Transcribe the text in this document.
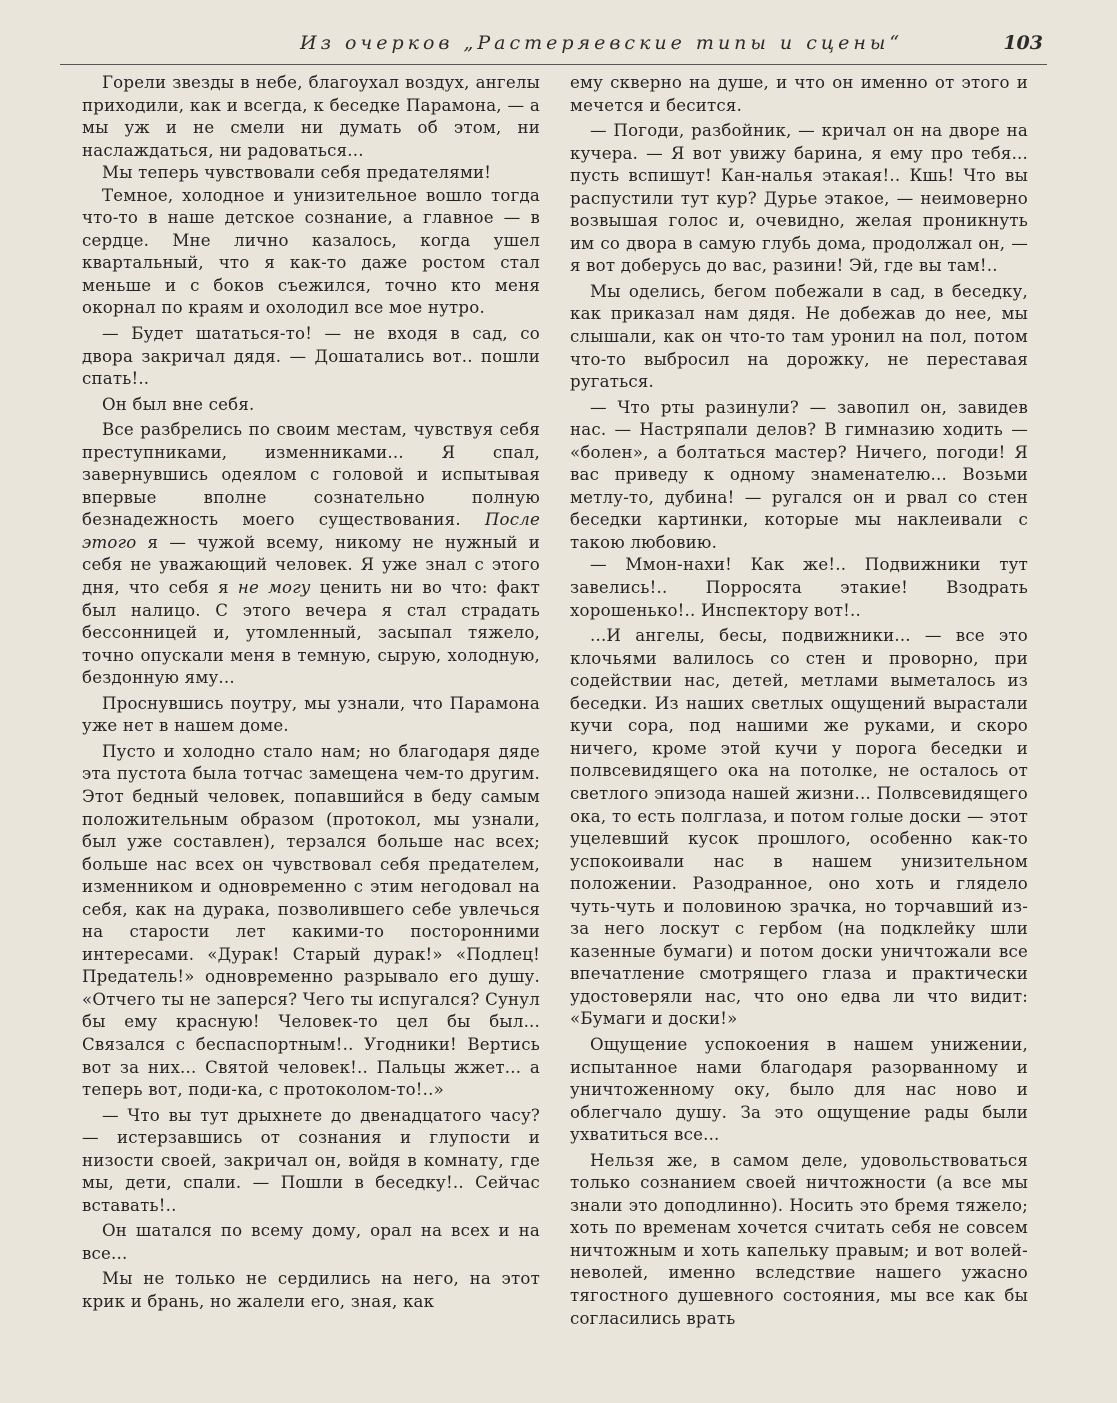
Из очерков „Растеряевские типы и сцены“	103

Горели звезды в небе, благоухал воздух, ангелы приходили, как и всегда, к беседке Парамона, — а мы уж и не смели ни думать об этом, ни наслаждаться, ни радоваться...

Мы теперь чувствовали себя предателями!

Темное, холодное и унизительное вошло тогда что-то в наше детское сознание, а главное — в сердце. Мне лично казалось, когда ушел квартальный, что я как-то даже ростом стал меньше и с боков съежился, точно кто меня окорнал по краям и охолодил все мое нутро.

— Будет шататься-то! — не входя в сад, со двора закричал дядя. — Дошатались вот.. пошли спать!..

Он был вне себя.

Все разбрелись по своим местам, чувствуя себя преступниками, изменниками... Я спал, завернувшись одеялом с головой и испытывая впервые вполне сознательно полную безнадежность моего существования. После этого я — чужой всему, никому не нужный и себя не уважающий человек. Я уже знал с этого дня, что себя я не могу ценить ни во что: факт был налицо. С этого вечера я стал страдать бессонницей и, утомленный, засыпал тяжело, точно опускали меня в темную, сырую, холодную, бездонную яму...

Проснувшись поутру, мы узнали, что Парамона уже нет в нашем доме.

Пусто и холодно стало нам; но благодаря дяде эта пустота была тотчас замещена чем-то другим. Этот бедный человек, попавшийся в беду самым положительным образом (протокол, мы узнали, был уже составлен), терзался больше нас всех; больше нас всех он чувствовал себя предателем, изменником и одновременно с этим негодовал на себя, как на дурака, позволившего себе увлечься на старости лет какими-то посторонними интересами. «Дурак! Старый дурак!» «Подлец! Предатель!» одновременно разрывало его душу. «Отчего ты не заперся? Чего ты испугался? Сунул бы ему красную! Человек-то цел бы был... Связался с беспаспортным!.. Угодники! Вертись вот за них... Святой человек!.. Пальцы жжет... а теперь вот, поди-ка, с протоколом-то!..»

— Что вы тут дрыхнете до двенадцатого часу? — истерзавшись от сознания и глупости и низости своей, закричал он, войдя в комнату, где мы, дети, спали. — Пошли в беседку!.. Сейчас вставать!..

Он шатался по всему дому, орал на всех и на все...

Мы не только не сердились на него, на этот крик и брань, но жалели его, зная, как

ему скверно на душе, и что он именно от этого и мечется и бесится.

— Погоди, разбойник, — кричал он на дворе на кучера. — Я вот увижу барина, я ему про тебя... пусть вспишут! Кан-налья этакая!.. Кшь! Что вы распустили тут кур? Дурье этакое, — неимоверно возвышая голос и, очевидно, желая проникнуть им со двора в самую глубь дома, продолжал он, — я вот доберусь до вас, разини! Эй, где вы там!..

Мы оделись, бегом побежали в сад, в беседку, как приказал нам дядя. Не добежав до нее, мы слышали, как он что-то там уронил на пол, потом что-то выбросил на дорожку, не переставая ругаться.

— Что рты разинули? — завопил он, завидев нас. — Настряпали делов? В гимназию ходить — «болен», а болтаться мастер? Ничего, погоди! Я вас приведу к одному знаменателю... Возьми метлу-то, дубина! — ругался он и рвал со стен беседки картинки, которые мы наклеивали с такою любовию.

— Ммон-нахи! Как же!.. Подвижники тут завелись!.. Порросята этакие! Взодрать хорошенько!.. Инспектору вот!..

...И ангелы, бесы, подвижники... — все это клочьями валилось со стен и проворно, при содействии нас, детей, метлами выметалось из беседки. Из наших светлых ощущений вырастали кучи сора, под нашими же руками, и скоро ничего, кроме этой кучи у порога беседки и полвсевидящего ока на потолке, не осталось от светлого эпизода нашей жизни... Полвсевидящего ока, то есть полглаза, и потом голые доски — этот уцелевший кусок прошлого, особенно как-то успокоивали нас в нашем унизительном положении. Разодранное, оно хоть и глядело чуть-чуть и половиною зрачка, но торчавший из-за него лоскут с гербом (на подклейку шли казенные бумаги) и потом доски уничтожали все впечатление смотрящего глаза и практически удостоверяли нас, что оно едва ли что видит: «Бумаги и доски!»

Ощущение успокоения в нашем унижении, испытанное нами благодаря разорванному и уничтоженному оку, было для нас ново и облегчало душу. За это ощущение рады были ухватиться все...

Нельзя же, в самом деле, удовольствоваться только сознанием своей ничтожности (а все мы знали это доподлинно). Носить это бремя тяжело; хоть по временам хочется считать себя не совсем ничтожным и хоть капельку правым; и вот волей-неволей, именно вследствие нашего ужасно тягостного душевного состояния, мы все как бы согласились врать
